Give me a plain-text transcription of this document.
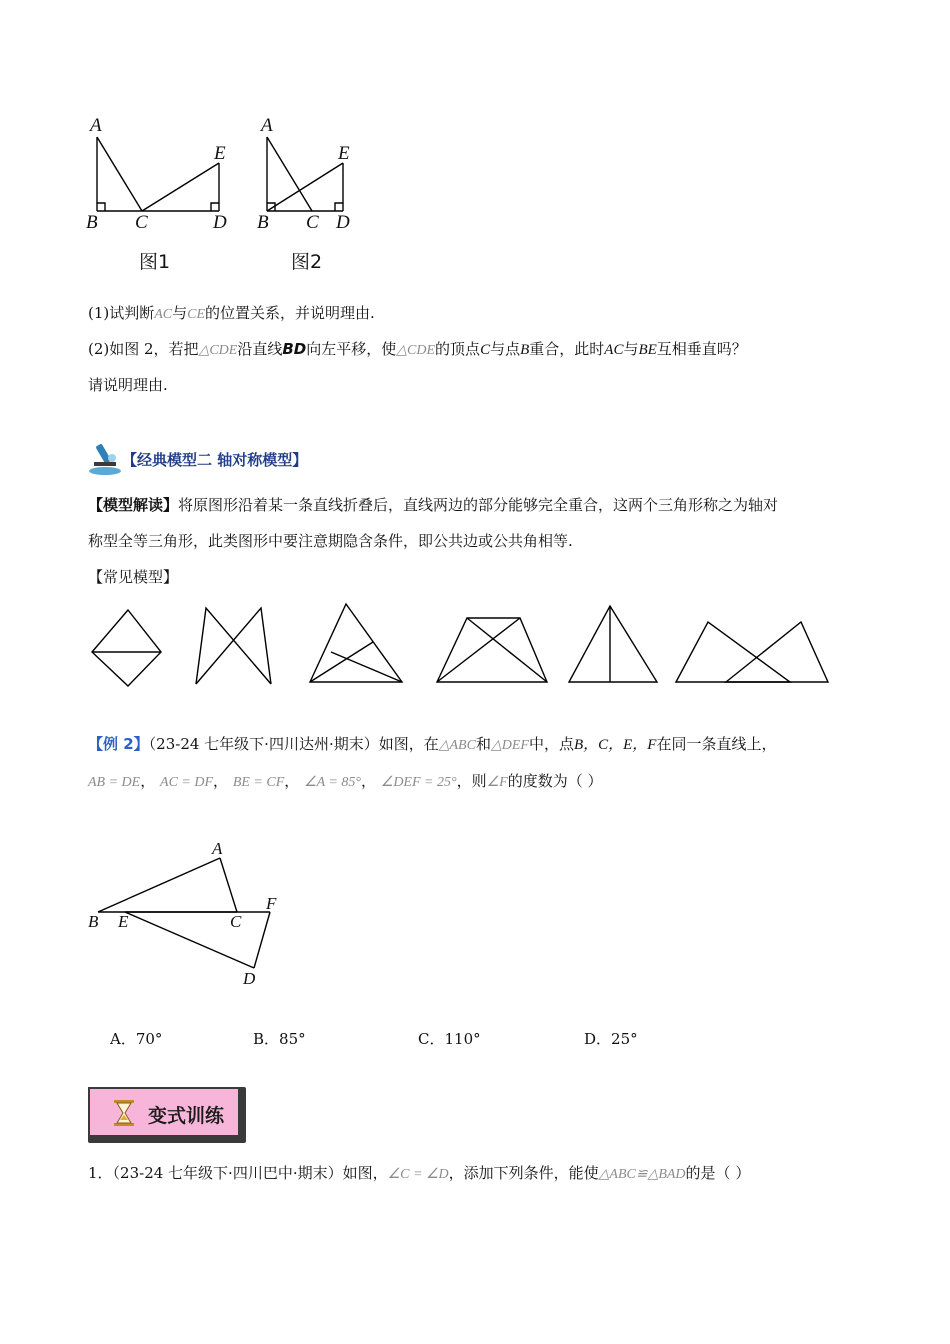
A
E
B C	D
图1
A
E
B C D
图2
(1)试判断AC与CE的位置关系，并说明理由.
(2)如图 2，若把△CDE沿直线BD向左平移，使△CDE的顶点C与点B重合，此时AC与BE互相垂直吗？
请说明理由.
【经典模型二 轴对称模型】
【模型解读】将原图形沿着某一条直线折叠后，直线两边的部分能够完全重合，这两个三角形称之为轴对
称型全等三角形，此类图形中要注意期隐含条件，即公共边或公共角相等.
【常见模型】
【例 2】（23-24 七年级下·四川达州·期末）如图，在△ABC和△DEF中，点B，C，E，F在同一条直线上，
AB = DE， AC = DF， BE = CF， ∠A = 85°， ∠DEF = 25°，则∠F的度数为（ ）
A
B E	C
F
D
A．70°	B．85°	C．110°	D．25°
变式训练
1．（23-24 七年级下·四川巴中·期末）如图，∠C = ∠D，添加下列条件，能使△ABC≌△BAD的是（ ）
